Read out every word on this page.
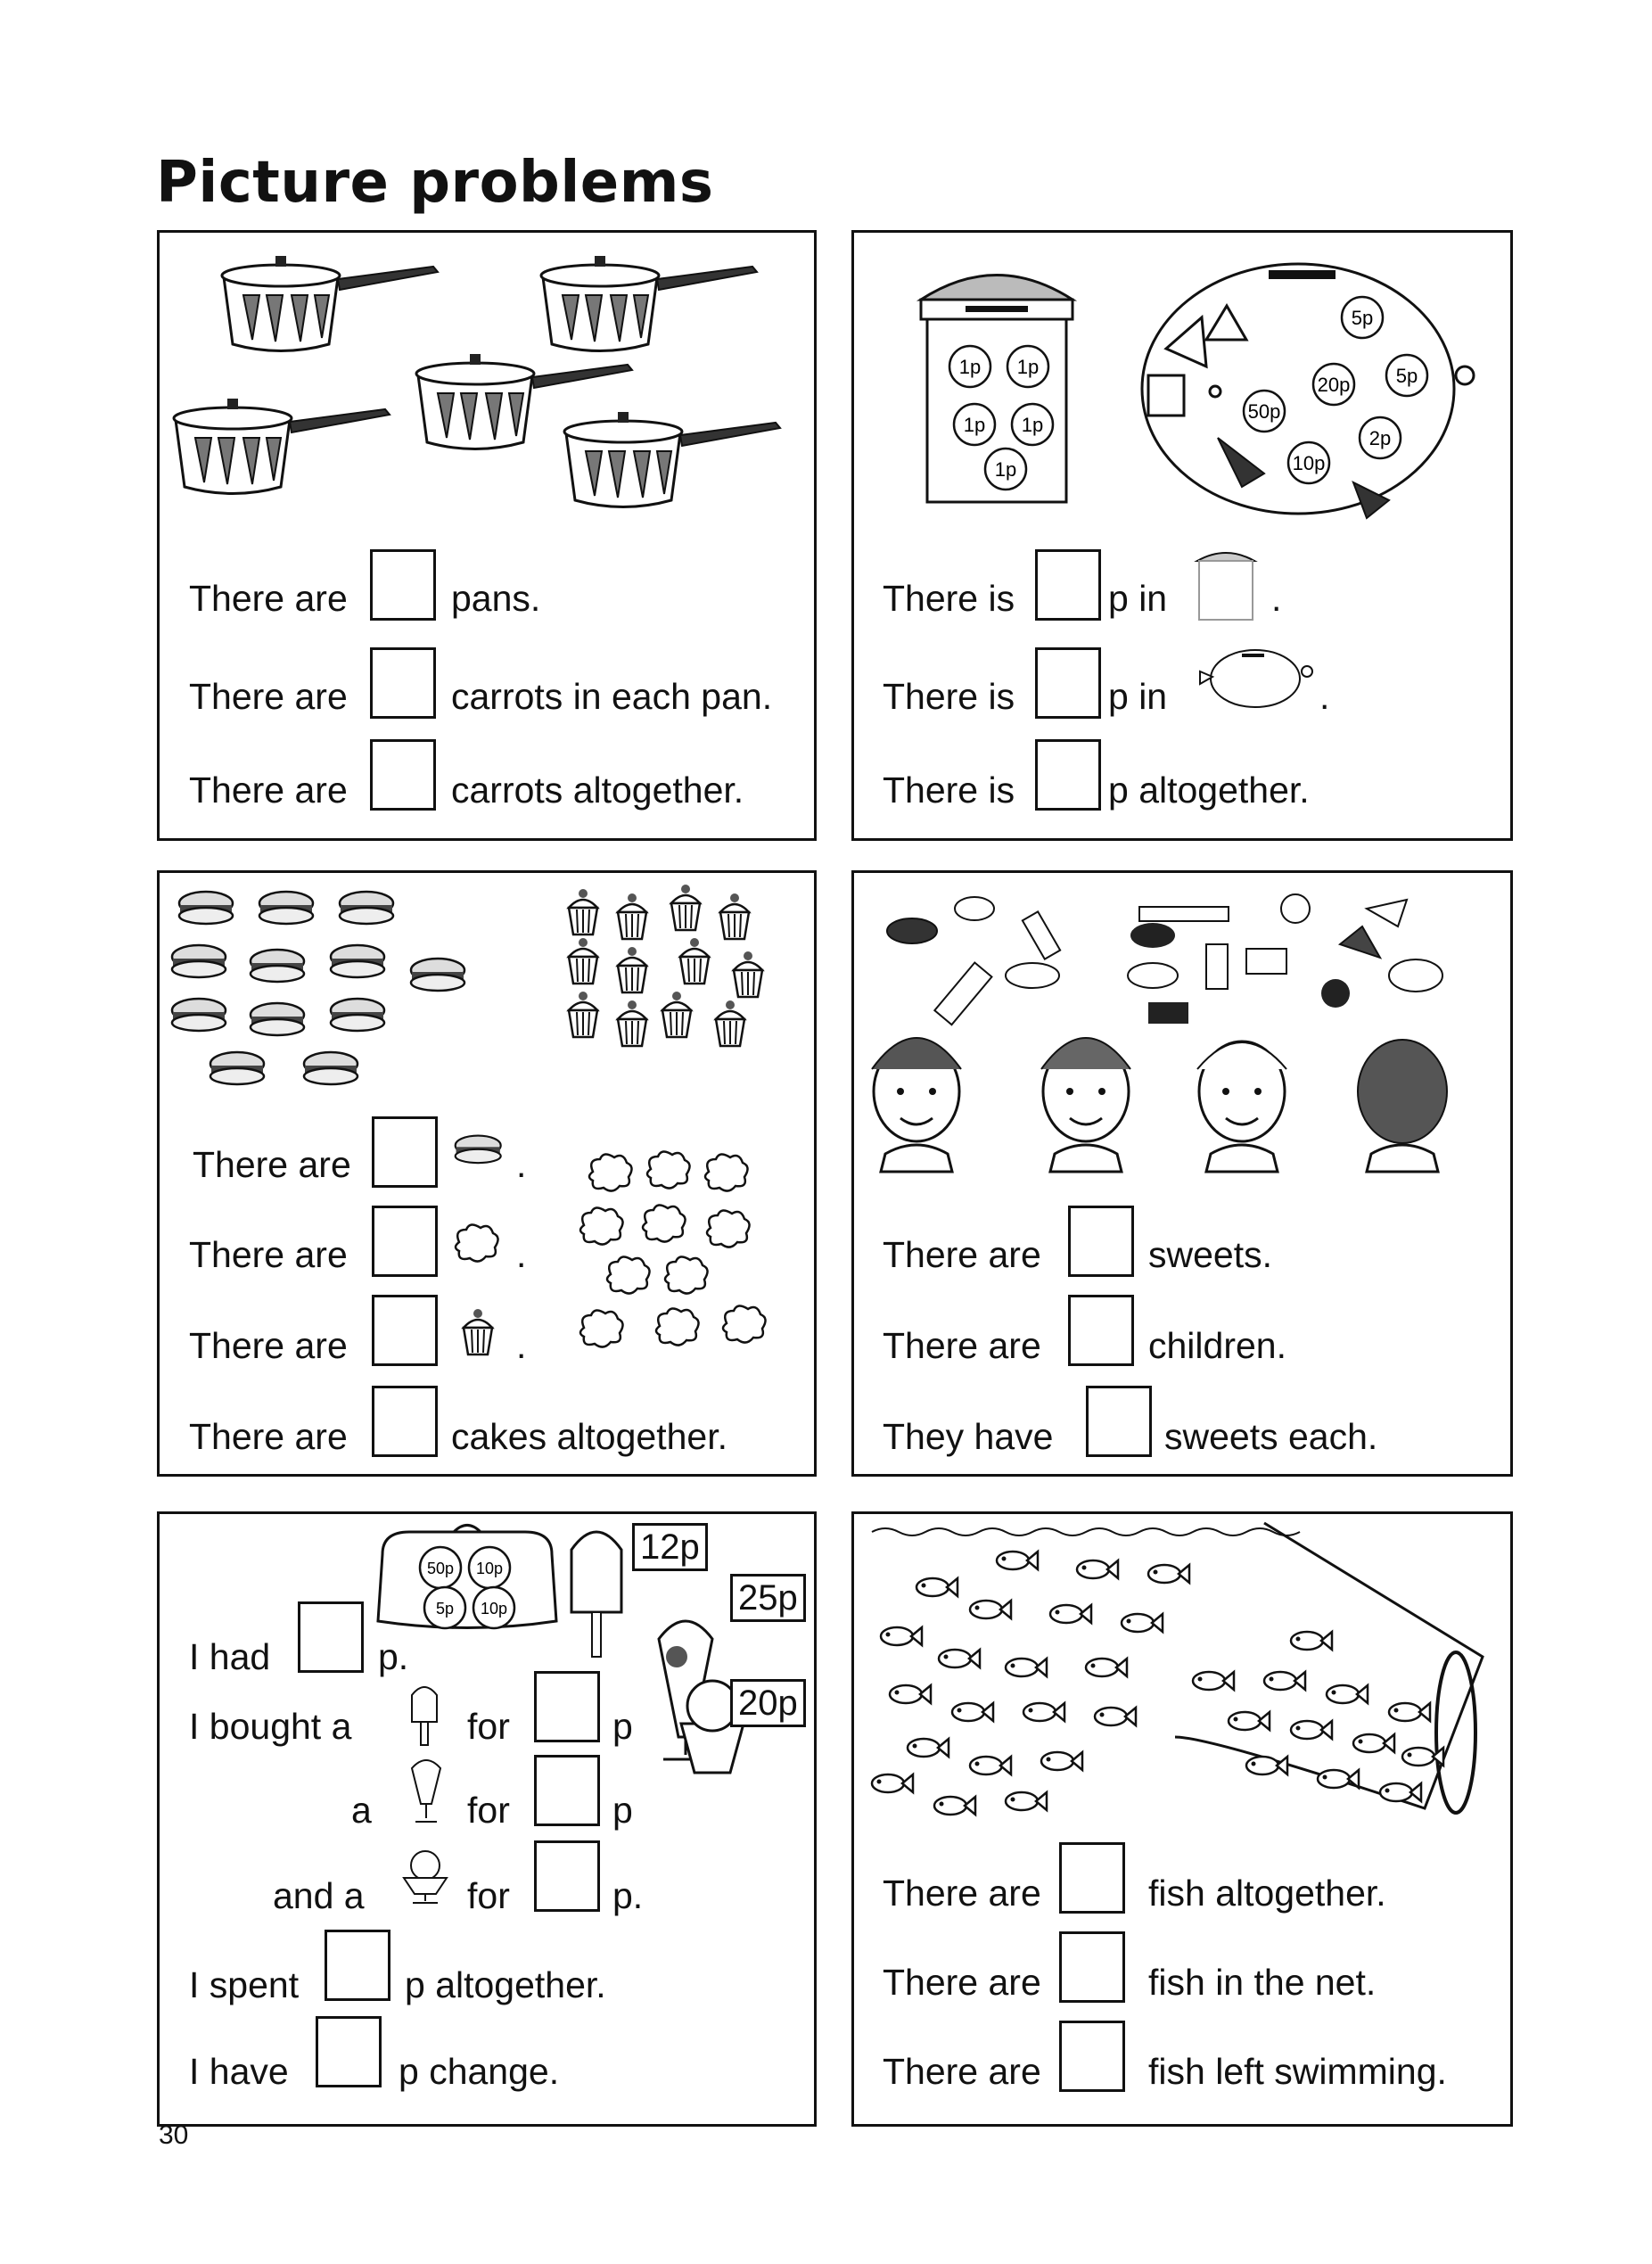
Picture problems
There are	pans.
There are	carrots in each pan.
There are	carrots altogether.
1p 1p
1p 1p
1p
5p
20p 5p
50p
2p
10p
There is	p in	.
There is	p in	.
There is	p altogether.
There are	.
There are	.
There are	.
There are	cakes altogether.
There are	sweets.
There are	children.
They have	sweets each.
50p 10p
5p 10p
12p
25p
20p
I had	p.
I bought a	for	p
a	for	p
and a	for	p.
I spent	p altogether.
I have	p change.
There are	fish altogether.
There are	fish in the net.
There are	fish left swimming.
30
